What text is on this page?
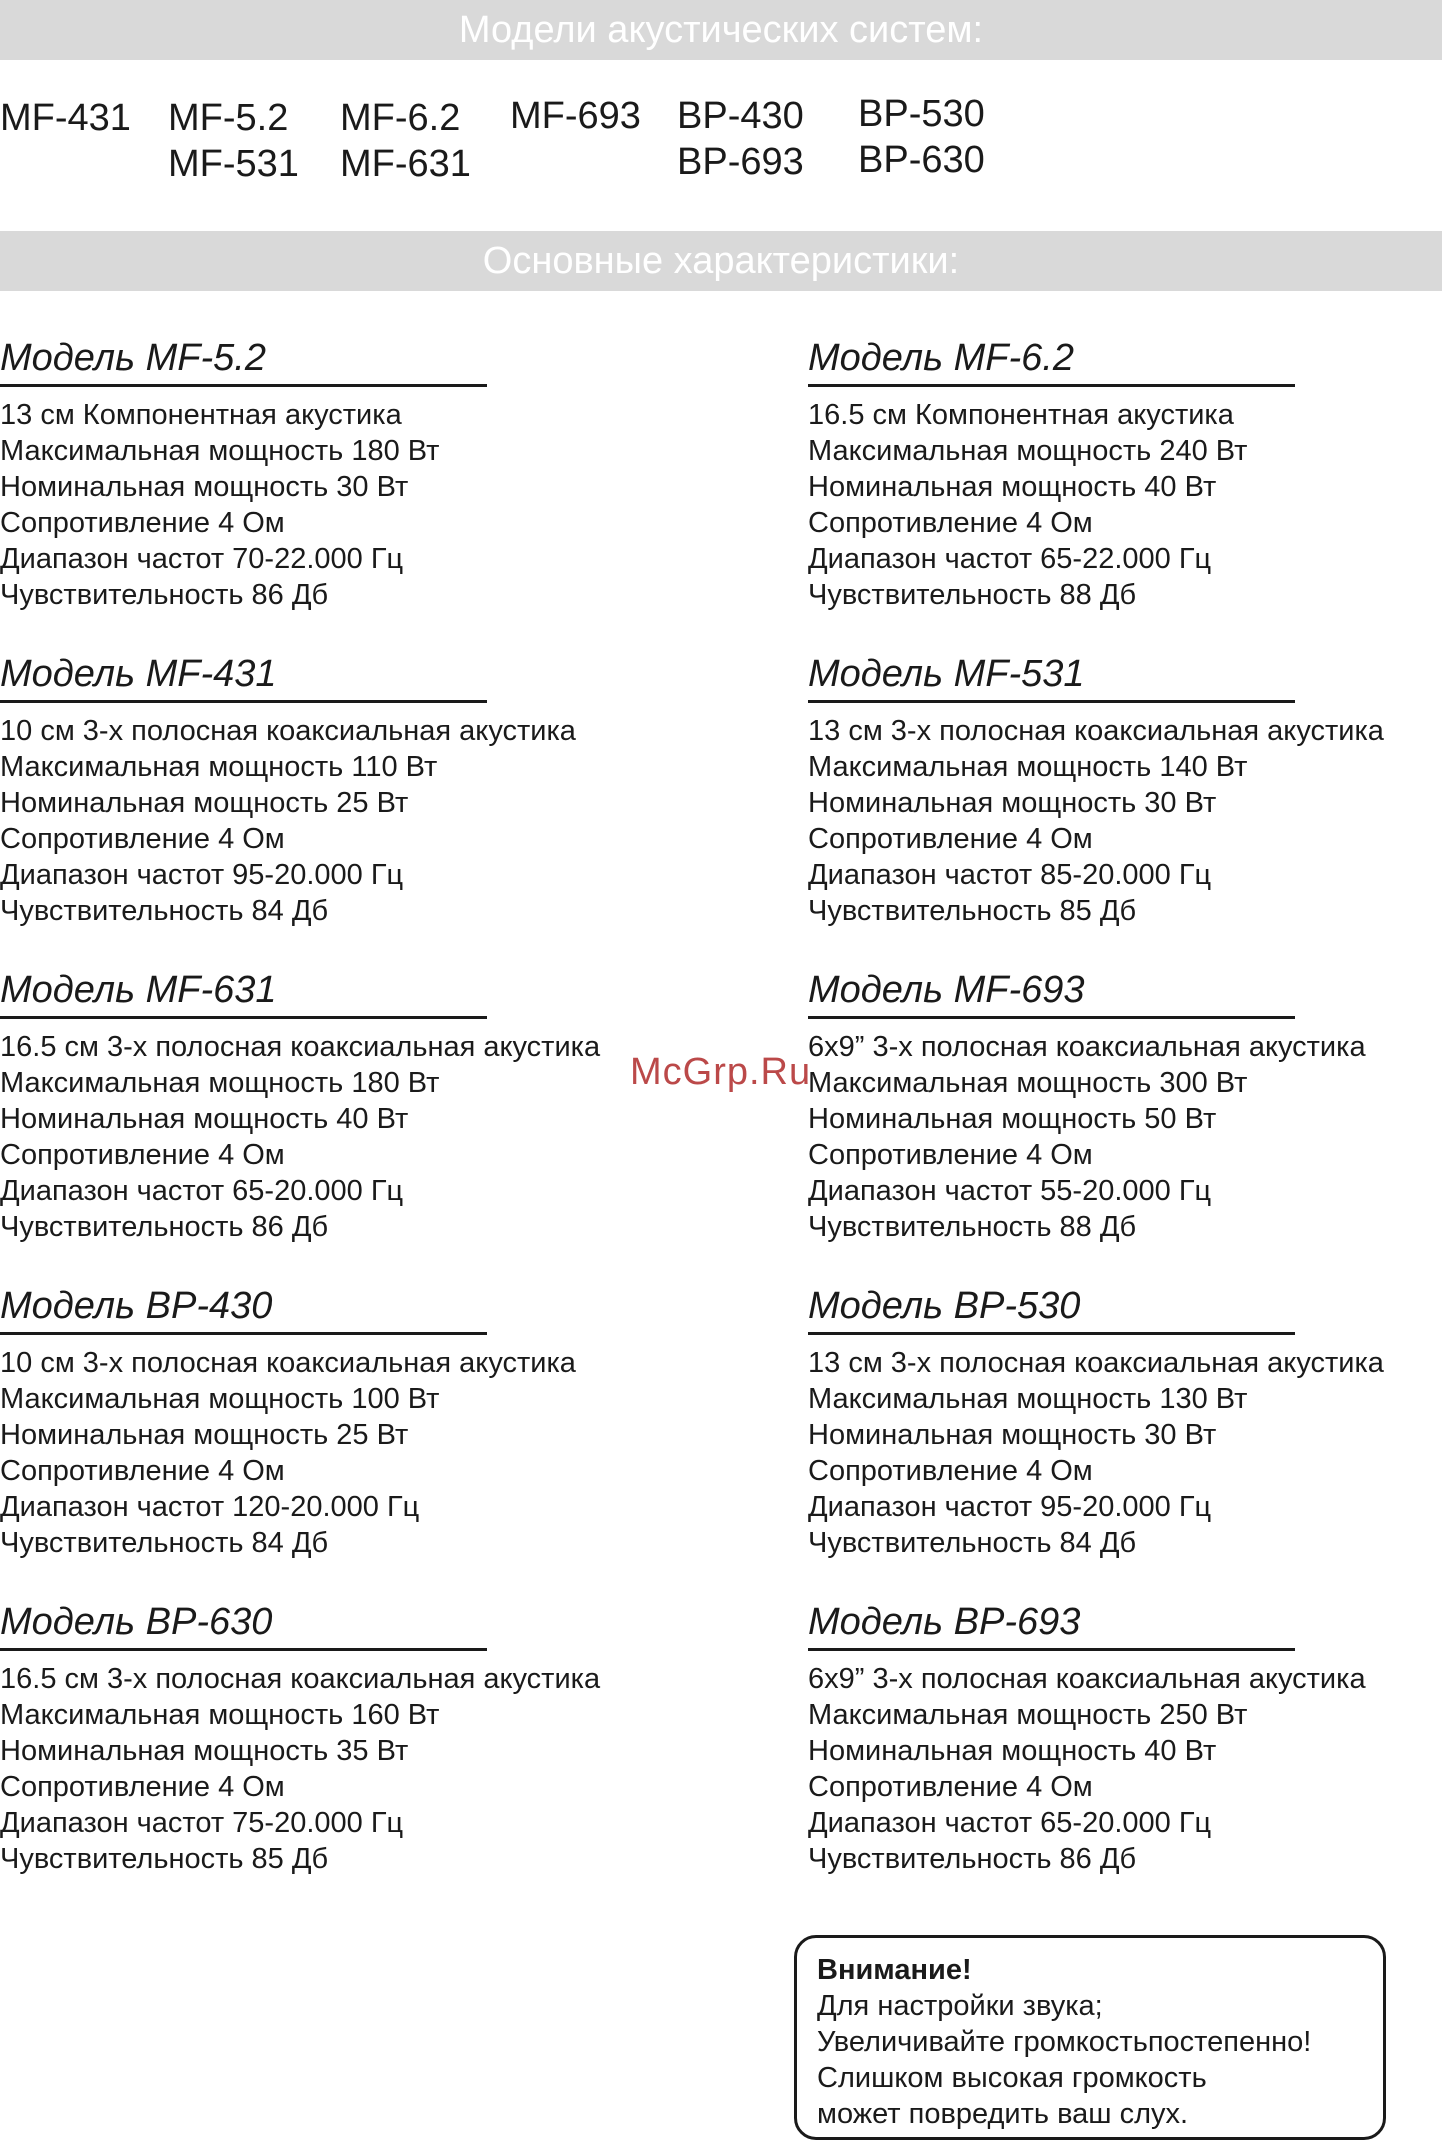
Модели акустических систем:
MF-431 MF-5.2
MF-531
MF-6.2
MF-631
MF-693 BP-430
BP-693
BP-530
BP-630
Основные характеристики:
Модель MF-5.2
13 см Компонентная акустика
Максимальная мощность 180 Вт
Номинальная мощность 30 Вт
Сопротивление 4 Ом
Диапазон частот 70-22.000 Гц
Чувствительность 86 Дб
Модель MF-431
10 см 3-х полосная коаксиальная акустика
Максимальная мощность 110 Вт
Номинальная мощность 25 Вт
Сопротивление 4 Ом
Диапазон частот 95-20.000 Гц
Чувствительность 84 Дб
Модель MF-631
16.5 см 3-х полосная коаксиальная акустика
Максимальная мощность 180 Вт
Номинальная мощность 40 Вт
Сопротивление 4 Ом
Диапазон частот 65-20.000 Гц
Чувствительность 86 Дб
Модель BP-430
10 см 3-х полосная коаксиальная акустика
Максимальная мощность 100 Вт
Номинальная мощность 25 Вт
Сопротивление 4 Ом
Диапазон частот 120-20.000 Гц
Чувствительность 84 Дб
Модель BP-630
16.5 см 3-х полосная коаксиальная акустика
Максимальная мощность 160 Вт
Номинальная мощность 35 Вт
Сопротивление 4 Ом
Диапазон частот 75-20.000 Гц
Чувствительность 85 Дб
Модель MF-6.2
16.5 см Компонентная акустика
Максимальная мощность 240 Вт
Номинальная мощность 40 Вт
Сопротивление 4 Ом
Диапазон частот 65-22.000 Гц
Чувствительность 88 Дб
Модель MF-531
13 см 3-х полосная коаксиальная акустика
Максимальная мощность 140 Вт
Номинальная мощность 30 Вт
Сопротивление 4 Ом
Диапазон частот 85-20.000 Гц
Чувствительность 85 Дб
Модель MF-693
6x9” 3-х полосная коаксиальная акустика
Максимальная мощность 300 Вт
Номинальная мощность 50 Вт
Сопротивление 4 Ом
Диапазон частот 55-20.000 Гц
Чувствительность 88 Дб
Модель BP-530
13 см 3-х полосная коаксиальная акустика
Максимальная мощность 130 Вт
Номинальная мощность 30 Вт
Сопротивление 4 Ом
Диапазон частот 95-20.000 Гц
Чувствительность 84 Дб
Модель BP-693
6x9” 3-х полосная коаксиальная акустика
Максимальная мощность 250 Вт
Номинальная мощность 40 Вт
Сопротивление 4 Ом
Диапазон частот 65-20.000 Гц
Чувствительность 86 Дб
McGrp.Ru
Внимание!
Для настройки звука;
Увеличивайте громкостьпостепенно!
Слишком высокая громкость
может повредить ваш слух.
